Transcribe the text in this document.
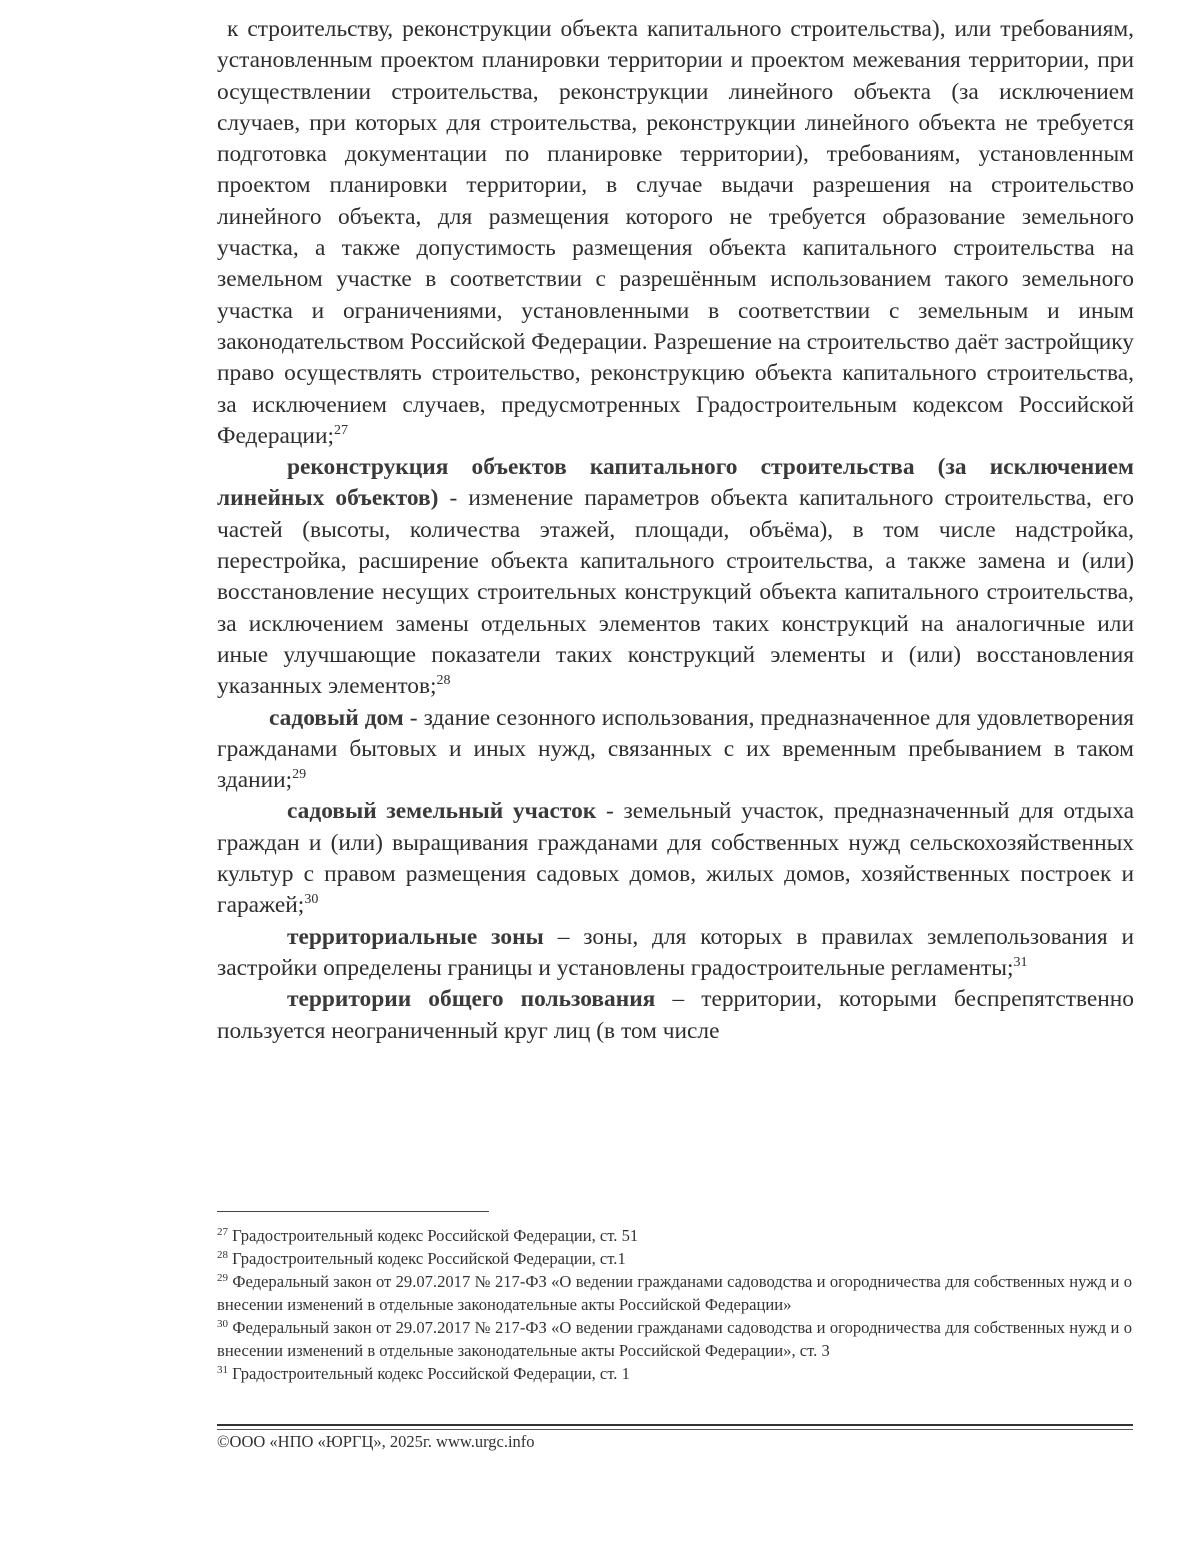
к строительству, реконструкции объекта капитального строительства), или требованиям, установленным проектом планировки территории и проектом межевания территории, при осуществлении строительства, реконструкции линейного объекта (за исключением случаев, при которых для строительства, реконструкции линейного объекта не требуется подготовка документации по планировке территории), требованиям, установленным проектом планировки территории, в случае выдачи разрешения на строительство линейного объекта, для размещения которого не требуется образование земельного участка, а также допустимость размещения объекта капитального строительства на земельном участке в соответствии с разрешённым использованием такого земельного участка и ограничениями, установленными в соответствии с земельным и иным законодательством Российской Федерации. Разрешение на строительство даёт застройщику право осуществлять строительство, реконструкцию объекта капитального строительства, за исключением случаев, предусмотренных Градостроительным кодексом Российской Федерации;$^{27}$

реконструкция объектов капитального строительства (за исключением линейных объектов) - изменение параметров объекта капитального строительства, его частей (высоты, количества этажей, площади, объёма), в том числе надстройка, перестройка, расширение объекта капитального строительства, а также замена и (или) восстановление несущих строительных конструкций объекта капитального строительства, за исключением замены отдельных элементов таких конструкций на аналогичные или иные улучшающие показатели таких конструкций элементы и (или) восстановления указанных элементов;$^{28}$

садовый дом - здание сезонного использования, предназначенное для удовлетворения гражданами бытовых и иных нужд, связанных с их временным пребыванием в таком здании;$^{29}$

садовый земельный участок - земельный участок, предназначенный для отдыха граждан и (или) выращивания гражданами для собственных нужд сельскохозяйственных культур с правом размещения садовых домов, жилых домов, хозяйственных построек и гаражей;$^{30}$

территориальные зоны – зоны, для которых в правилах землепользования и застройки определены границы и установлены градостроительные регламенты;$^{31}$

территории общего пользования – территории, которыми беспрепятственно пользуется неограниченный круг лиц (в том числе

$^{27}$ Градостроительный кодекс Российской Федерации, ст. 51
$^{28}$ Градостроительный кодекс Российской Федерации, ст.1
$^{29}$ Федеральный закон от 29.07.2017 № 217-ФЗ «О ведении гражданами садоводства и огородничества для собственных нужд и о внесении изменений в отдельные законодательные акты Российской Федерации»
$^{30}$ Федеральный закон от 29.07.2017 № 217-ФЗ «О ведении гражданами садоводства и огородничества для собственных нужд и о внесении изменений в отдельные законодательные акты Российской Федерации», ст. 3
$^{31}$ Градостроительный кодекс Российской Федерации, ст. 1
©ООО «НПО «ЮРГЦ», 2025г. www.urgc.info
